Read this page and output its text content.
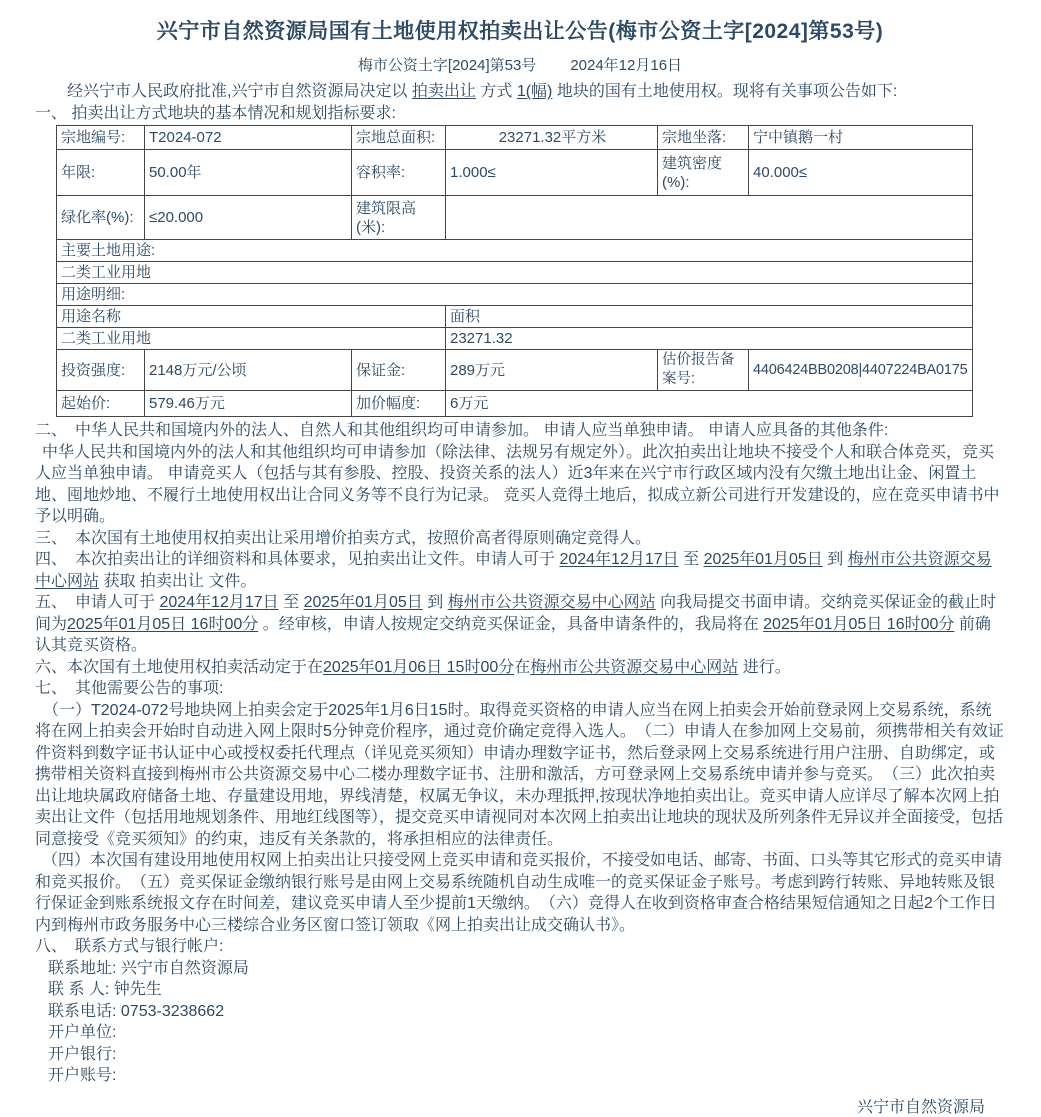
兴宁市自然资源局国有土地使用权拍卖出让公告(梅市公资土字[2024]第53号)
梅市公资土字[2024]第53号 2024年12月16日

　　经兴宁市人民政府批准,兴宁市自然资源局决定以 拍卖出让 方式 1(幅) 地块的国有土地使用权。现将有关事项公告如下:

一、 拍卖出让方式地块的基本情况和规划指标要求:

宗地编号:	T2024-072	宗地总面积:	23271.32平方米	宗地坐落:	宁中镇鹅一村
年限:	50.00年	容积率:	1.000≤	建筑密度(%):	40.000≤
绿化率(%):	≤20.000	建筑限高(米):			
主要土地用途:					
二类工业用地					
用途明细:					
用途名称			面积		
二类工业用地			23271.32		
投资强度:	2148万元/公顷	保证金:	289万元	估价报告备案号:	4406424BB0208|4407224BA0175
起始价:	579.46万元	加价幅度:	6万元		
二、　中华人民共和国境内外的法人、自然人和其他组织均可申请参加。 申请人应当单独申请。 申请人应具备的其他条件:
中华人民共和国境内外的法人和其他组织均可申请参加（除法律、法规另有规定外）。此次拍卖出让地块不接受个人和联合体竞买，竞买人应当单独申请。 申请竞买人（包括与其有参股、控股、投资关系的法人）近3年来在兴宁市行政区域内没有欠缴土地出让金、闲置土地、囤地炒地、不履行土地使用权出让合同义务等不良行为记录。 竞买人竞得土地后，拟成立新公司进行开发建设的，应在竞买申请书中予以明确。
三、　本次国有土地使用权拍卖出让采用增价拍卖方式，按照价高者得原则确定竞得人。
四、　本次拍卖出让的详细资料和具体要求，见拍卖出让文件。申请人可于 2024年12月17日 至 2025年01月05日 到 梅州市公共资源交易中心网站 获取 拍卖出让 文件。
五、　申请人可于 2024年12月17日 至 2025年01月05日 到 梅州市公共资源交易中心网站 向我局提交书面申请。交纳竞买保证金的截止时间为2025年01月05日 16时00分 。经审核，申请人按规定交纳竞买保证金，具备申请条件的，我局将在 2025年01月05日 16时00分 前确认其竞买资格。
六、本次国有土地使用权拍卖活动定于在2025年01月06日 15时00分在梅州市公共资源交易中心网站 进行。
七、　其他需要公告的事项:
　（一）T2024-072号地块网上拍卖会定于2025年1月6日15时。取得竞买资格的申请人应当在网上拍卖会开始前登录网上交易系统，系统将在网上拍卖会开始时自动进入网上限时5分钟竞价程序，通过竞价确定竞得入选人。　（二）申请人在参加网上交易前，须携带相关有效证件资料到数字证书认证中心或授权委托代理点（详见竞买须知）申请办理数字证书，然后登录网上交易系统进行用户注册、自助绑定，或携带相关资料直接到梅州市公共资源交易中心二楼办理数字证书、注册和激活，方可登录网上交易系统申请并参与竞买。　（三）此次拍卖出让地块属政府储备土地、存量建设用地，界线清楚，权属无争议，未办理抵押,按现状净地拍卖出让。竞买申请人应详尽了解本次网上拍卖出让文件（包括用地规划条件、用地红线图等），提交竞买申请视同对本次网上拍卖出让地块的现状及所列条件无异议并全面接受，包括同意接受《竞买须知》的约束，违反有关条款的，将承担相应的法律责任。
（四）本次国有建设用地使用权网上拍卖出让只接受网上竞买申请和竞买报价，不接受如电话、邮寄、书面、口头等其它形式的竞买申请和竞买报价。　（五）竞买保证金缴纳银行账号是由网上交易系统随机自动生成唯一的竞买保证金子账号。考虑到跨行转账、异地转账及银行保证金到账系统报文存在时间差，建议竞买申请人至少提前1天缴纳。　（六）竞得人在收到资格审查合格结果短信通知之日起2个工作日内到梅州市政务服务中心三楼综合业务区窗口签订领取《网上拍卖出让成交确认书》。
八、　联系方式与银行帐户:
联系地址: 兴宁市自然资源局
联 系 人: 钟先生
联系电话: 0753-3238662
开户单位:
开户银行:
开户账号:
兴宁市自然资源局
